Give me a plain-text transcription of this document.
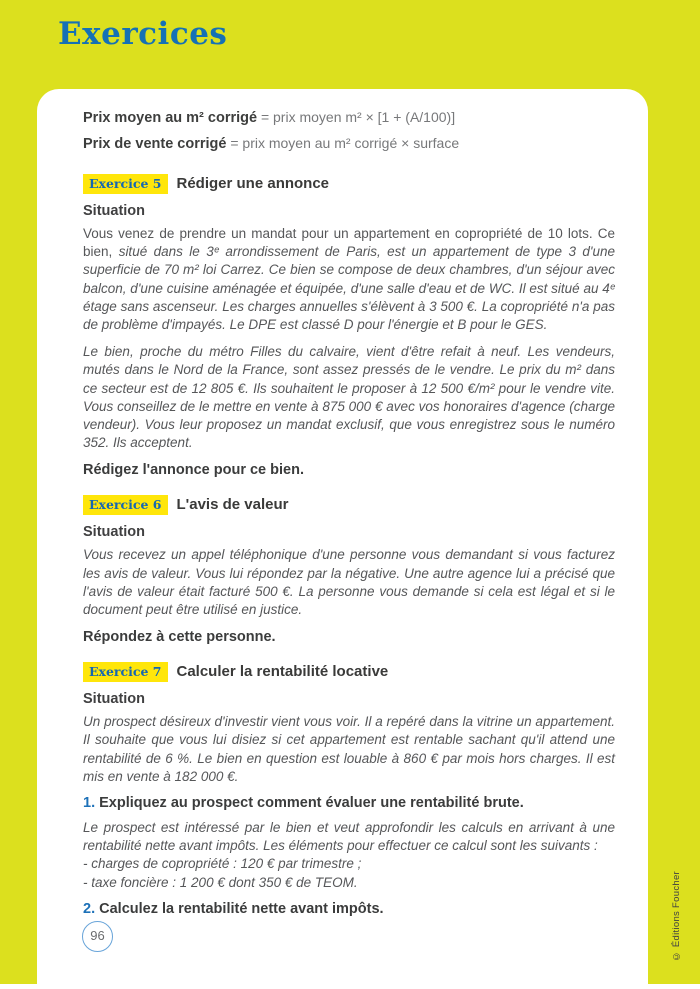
Exercices
Prix moyen au m² corrigé = prix moyen m² × [1 + (A/100)]
Prix de vente corrigé = prix moyen au m² corrigé × surface
Exercice 5	Rédiger une annonce
Situation

Vous venez de prendre un mandat pour un appartement en copropriété de 10 lots. Ce bien, situé dans le 3ᵉ arrondissement de Paris, est un appartement de type 3 d'une superficie de 70 m² loi Carrez. Ce bien se compose de deux chambres, d'un séjour avec balcon, d'une cuisine aménagée et équipée, d'une salle d'eau et de WC. Il est situé au 4ᵉ étage sans ascenseur. Les charges annuelles s'élèvent à 3 500 €. La copropriété n'a pas de problème d'impayés. Le DPE est classé D pour l'énergie et B pour le GES.

Le bien, proche du métro Filles du calvaire, vient d'être refait à neuf. Les vendeurs, mutés dans le Nord de la France, sont assez pressés de le vendre. Le prix du m² dans ce secteur est de 12 805 €. Ils souhaitent le proposer à 12 500 €/m² pour le vendre vite. Vous conseillez de le mettre en vente à 875 000 € avec vos honoraires d'agence (charge vendeur). Vous leur proposez un mandat exclusif, que vous enregistrez sous le numéro 352. Ils acceptent.

Rédigez l'annonce pour ce bien.
Exercice 6	L'avis de valeur
Situation

Vous recevez un appel téléphonique d'une personne vous demandant si vous facturez les avis de valeur. Vous lui répondez par la négative. Une autre agence lui a précisé que l'avis de valeur était facturé 500 €. La personne vous demande si cela est légal et si le document peut être utilisé en justice.

Répondez à cette personne.
Exercice 7	Calculer la rentabilité locative
Situation

Un prospect désireux d'investir vient vous voir. Il a repéré dans la vitrine un appartement. Il souhaite que vous lui disiez si cet appartement est rentable sachant qu'il attend une rentabilité de 6 %. Le bien en question est louable à 860 € par mois hors charges. Il est mis en vente à 182 000 €.

1. Expliquez au prospect comment évaluer une rentabilité brute.

Le prospect est intéressé par le bien et veut approfondir les calculs en arrivant à une rentabilité nette avant impôts. Les éléments pour effectuer ce calcul sont les suivants :

- charges de copropriété : 120 € par trimestre ;
- taxe foncière : 1 200 € dont 350 € de TEOM.
2. Calculez la rentabilité nette avant impôts.
96	© Éditions Foucher
